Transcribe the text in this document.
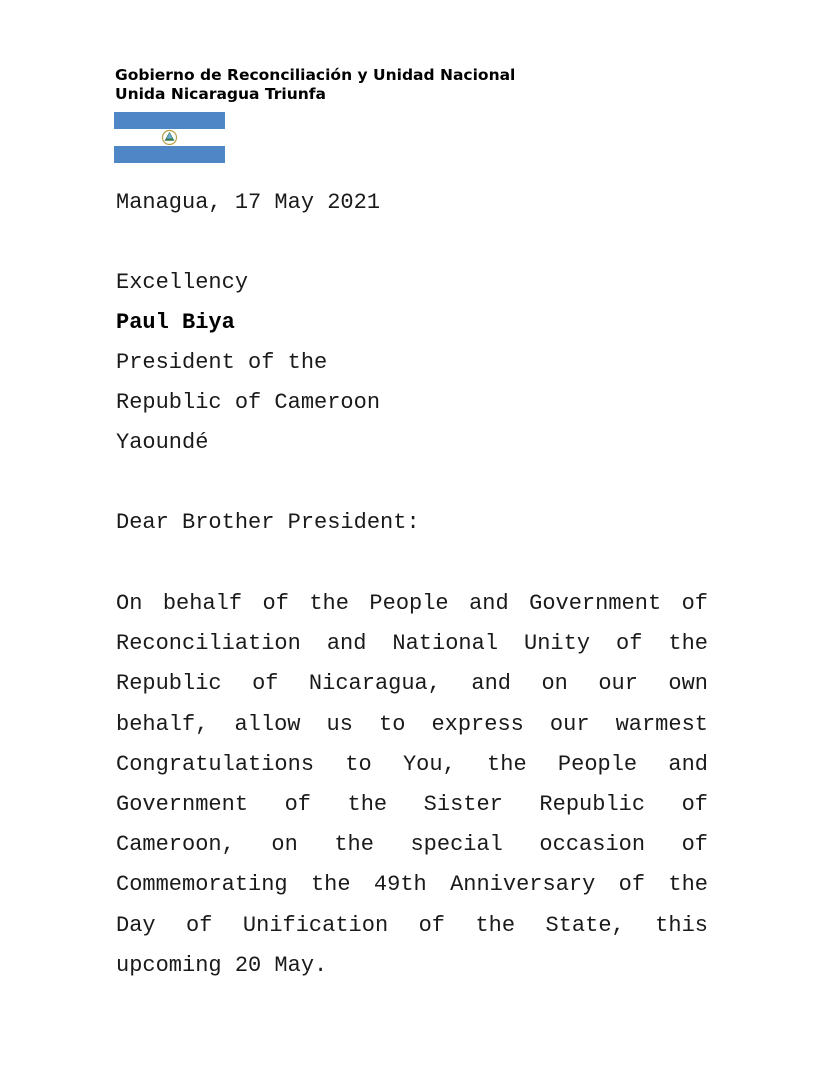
Gobierno de Reconciliación y Unidad Nacional
Unida Nicaragua Triunfa
Managua, 17 May 2021
Excellency
Paul Biya
President of the
Republic of Cameroon
Yaoundé
Dear Brother President:
On behalf of the People and Government of Reconciliation and National Unity of the Republic of Nicaragua, and on our own behalf, allow us to express our warmest Congratulations to You, the People and Government of the Sister Republic of Cameroon, on the special occasion of Commemorating the 49th Anniversary of the Day of Unification of the State, this upcoming 20 May.
